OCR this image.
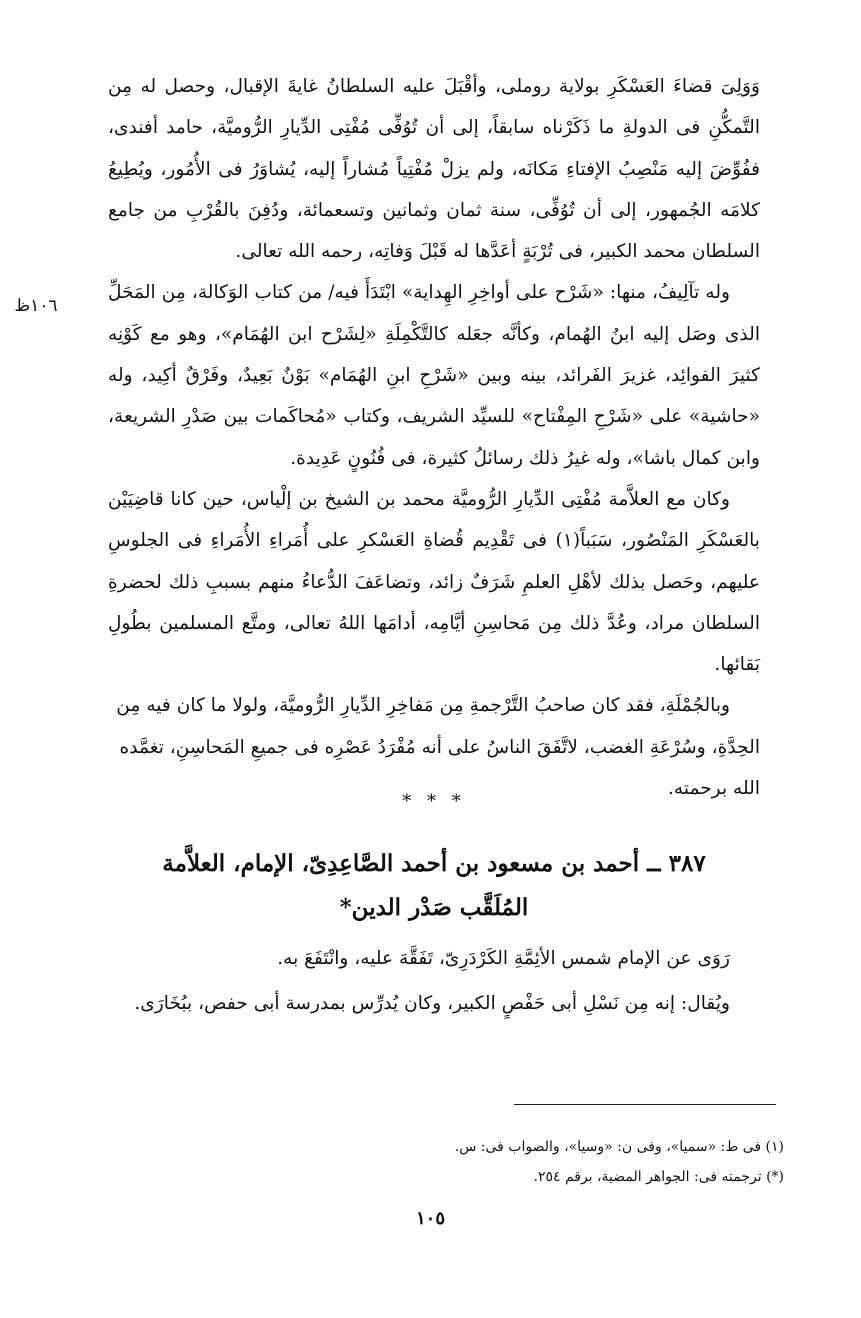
١٠٦ظ

وَوَلِىَ قضاءَ العَسْكَرِ بولاية روملى، وأقْبَلَ عليه السلطانُ غايةَ الإقبال، وحصل له مِن التَّمكُّنِ فى الدولةِ ما ذَكَرْناه سابقاً، إلى أن تُوُفِّى مُفْتِى الدِّيارِ الرُّوميَّة، حامد أفندى، ففُوِّضَ إليه مَنْصِبُ الإفتاءِ مَكانَه، ولم يزلْ مُفْتِياً مُشاراً إليه، يُشاوَرُ فى الأُمُور، ويُطِيعُ كلامَه الجُمهور، إلى أن تُوُفِّى، سنة ثمان وثمانين وتسعمائة، ودُفِنَ بالقُرْبِ من جامع السلطان محمد الكبير، فى تُرْبَةٍ أعَدَّها له قَبْلَ وَفاتِه، رحمه الله تعالى.

وله تآلِيفُ، منها: «شَرْح على أواخِرِ الهِداية» ابْتَدَأَ فيه/ من كتاب الوَكالة، مِن المَحَلِّ الذى وصَل إليه ابنُ الهُمام، وكأنَّه جعَله كالتَّكْمِلَةِ «لِشَرْح ابن الهُمَام»، وهو مع كَوْنِه كثيرَ الفوائِد، غزيرَ الفَرائد، بينه وبين «شَرْحِ ابنِ الهُمَام» بَوْنٌ بَعِيدٌ، وفَرْقٌ أكِيد، وله «حاشية» على «شَرْحِ المِفْتاح» للسيِّد الشريف، وكتاب «مُحاكَمات بين صَدْرِ الشريعة، وابن كمال باشا»، وله غيرُ ذلك رسائلُ كثيرة، فى فُنُونٍ عَدِيدة.

وكان مع العلاَّمة مُفْتِى الدِّيارِ الرُّوميَّة محمد بن الشيخ بن إلْياس، حين كانا قاضِيَيْن بالعَسْكَرِ المَنْصُور، سَبَباً(١) فى تَقْدِيم قُضاةِ العَسْكرِ على أُمَراءِ الأُمَراءِ فى الجلوسِ عليهم، وحَصل بذلك لأهْلِ العلمِ شَرَفٌ زائد، وتضاعَفَ الدُّعاءُ منهم بسببِ ذلك لحضرةِ السلطان مراد، وعُدَّ ذلك مِن مَحاسِنِ أيَّامِه، أدامَها اللهُ تعالى، ومتَّع المسلمين بطُولِ بَقائها.

وبالجُمْلَةِ، فقد كان صاحبُ التَّرْجمةِ مِن مَفاخِرِ الدِّيارِ الرُّوميَّة، ولولا ما كان فيه مِن الحِدَّةِ، وسُرْعَةِ الغضب، لاتَّفَقَ الناسُ على أنه مُفْرَدُ عَصْرِه فى جميعِ المَحاسِنِ، تغمَّده الله برحمته.

* * *
٣٨٧ ــ أحمد بن مسعود بن أحمد الصَّاعِدِىّ، الإمام، العلاَّمة
المُلَقَّب صَدْر الدين*

رَوَى عن الإمام شمس الأئِمَّةِ الكَرْدَرِىّ، تَفَقَّهَ عليه، وانْتَفَعَ به.

ويُقال: إنه مِن نَسْلِ أبى حَفْصٍ الكبير، وكان يُدرِّس بمدرسة أبى حفص، ببُخَارَى.

(١) فى ط: «سميا»، وفى ن: «وسيا»، والصواب فى: س.

(*) ترجمته فى: الجواهر المضية، برقم ٢٥٤.

١٠٥
